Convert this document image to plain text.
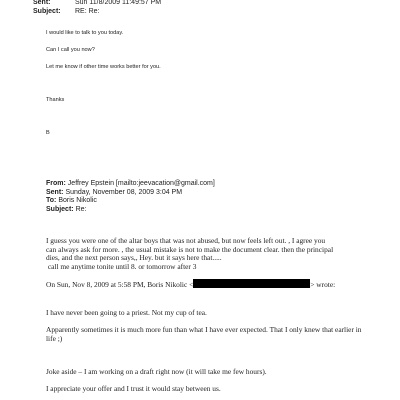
Sent:	Sun 11/8/2009 11:49:57 PM
Subject: RE: Re:
I would like to talk to you today.
Can I call you now?
Let me know if other time works better for you.
Thanks
B
From: Jeffrey Epstein [mailto:jeevacation@gmail.com]
Sent: Sunday, November 08, 2009 3:04 PM
To: Boris Nikolic
Subject: Re:
I guess you were one of the altar boys that was not abused, but now feels left out. , I agree you
can always ask for more. , the usual mistake is not to make the document clear. then the principal
dies, and the next person says,, Hey. but it says here that.....
call me anytime tonite until 8. or tomorrow after 3
On Sun, Nov 8, 2009 at 5:58 PM, Boris Nikolic <	> wrote:
I have never been going to a priest. Not my cup of tea.
Apparently sometimes it is much more fun than what I have ever expected. That I only knew that earlier in
life ;)
Joke aside – I am working on a draft right now (it will take me few hours).
I appreciate your offer and I trust it would stay between us.
